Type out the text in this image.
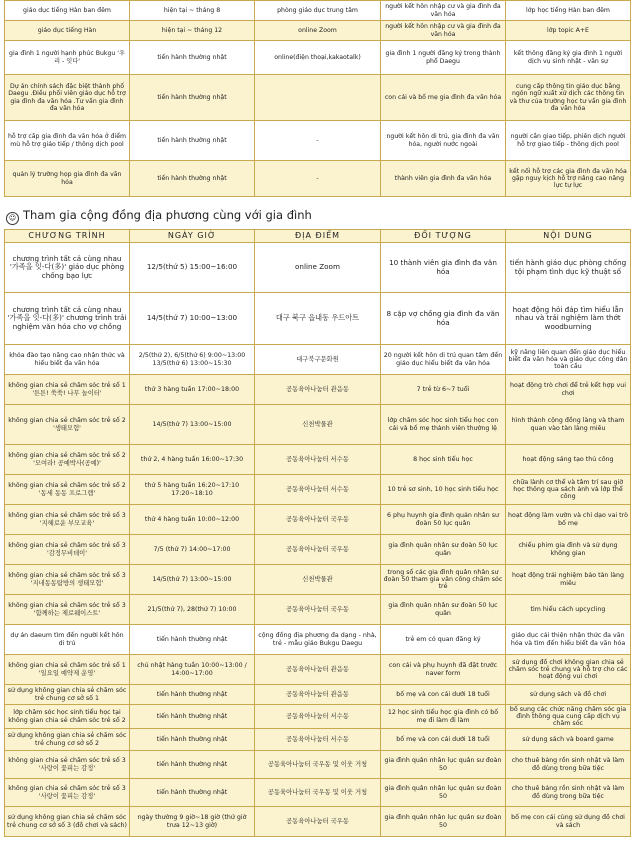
giáo dục tiếng Hàn ban đêm	hiện tại ~ tháng 8	phòng giáo dục trung tâm	người kết hôn nhập cư và gia đình đa văn hóa	lớp học tiếng Hàn ban đêm
giáo dục tiếng Hàn	hiện tại ~ tháng 12	online Zoom	người kết hôn nhập cư và gia đình đa văn hóa	lớp topic A+E
gia đình 1 người hạnh phúc Bukgu '우리 - 잇다'	tiến hành thường nhật	online(điện thoại,kakaotalk)	gia đình 1 người đăng ký trong thành phố Daegu	kết thông đăng ký gia đình 1 người dịch vụ sinh nhật - văn sự
Dự án chính sách đặc biệt thành phố Daegu .Điều phối viên giáo dục hỗ trợ gia đình đa văn hóa .Tư vấn gia đình đa văn hóa	tiến hành thường nhật		con cái và bố mẹ gia đình đa văn hóa	cung cấp thông tin giáo dục bằng ngôn ngữ xuất xứ dịch các thông tin và thư của trường học tư vấn gia đình đa văn hóa
hỗ trợ cấp gia đình đa văn hóa ở điểm mù hỗ trợ giáo tiếp / thông dịch pool	tiến hành thường nhật	-	người kết hôn di trú, gia đình đa văn hóa, người nước ngoài	người cần giao tiếp, phiên dịch người hỗ trợ giao tiếp - thông dịch pool
quản lý trường họp gia đình đa văn hóa	tiến hành thường nhật	-	thành viên gia đình đa văn hóa	kết nối hỗ trợ các gia đình đa văn hóa gặp nguy kịch hỗ trợ nâng cao năng lực tự lực
☺ Tham gia cộng đồng địa phương cùng với gia đình
CHƯƠNG TRÌNH	NGÀY GIỜ	ĐỊA ĐIỂM	ĐỐI TƯỢNG	NỘI DUNG
chương trình tất cả cùng nhau '가족을 잇-다(多)' giáo dục phòng chống bạo lực	12/5(thứ 5) 15:00~16:00	online Zoom	10 thành viên gia đình đa văn hóa	tiến hành giáo dục phòng chống tội phạm tình dục kỹ thuật số
chương trình tất cả cùng nhau '가족을 잇-다(多)' chương trình trải nghiệm văn hóa cho vợ chồng	14/5(thứ 7) 10:00~13:00	대구 북구 읍내동 우드아트	8 cặp vợ chồng gia đình đa văn hóa	hoạt động hỏi đáp tìm hiểu lẫn nhau và trải nghiệm làm thớt woodburning
khóa đào tạo năng cao nhận thức và hiểu biết đa văn hóa	2/5(thứ 2), 6/5(thứ 6) 9:00~13:00 13/5(thứ 6) 13:00~15:30	대구북구문화원	20 người kết hôn di trú quan tâm đến giáo dục hiểu biết đa văn hóa	kỹ năng liên quan đến giáo dục hiểu biết đa văn hóa và giáo dục công dân toàn cầu
không gian chia sẻ chăm sóc trẻ số 1 '튼튼! 쑥쑥! 나무 놀이터'	thứ 3 hàng tuần 17:00~18:00	공동육아나눔터 관음동	7 trẻ từ 6~7 tuổi	hoạt động trò chơi để trẻ kết hợp vui chơi
không gian chia sẻ chăm sóc trẻ số 2 '생태모험'	14/5(thứ 7) 13:00~15:00	신천박물관	lớp chăm sóc học sinh tiểu học con cái và bố mẹ thành viên thường lệ	hình thành cộng đồng làng và tham quan vào tàn làng miêu
không gian chia sẻ chăm sóc trẻ số 2 '모여라! 공예박사(공예)'	thứ 2, 4 hàng tuần 16:00~17:30	공동육아나눔터 서수동	8 học sinh tiểu học	hoạt động sáng tạo thủ công
không gian chia sẻ chăm sóc trẻ số 2 '동세 동동 프로그램'	thứ 5 hàng tuần 16:20~17:10 17:20~18:10	공동육아나눔터 서수동	10 trẻ sơ sinh, 10 học sinh tiểu học	chữa lành cơ thể và tâm trí sau giờ học thông qua sách ảnh và lớp thể công
không gian chia sẻ chăm sóc trẻ số 3 '지혜로운 부모교육'	thứ 4 hàng tuần 10:00~12:00	공동육아나눔터 국우동	6 phụ huynh gia đình quản nhân sư đoàn 50 lục quân	hoạt động làm vườn và chỉ dạo vai trò bố mẹ
không gian chia sẻ chăm sóc trẻ số 3 '감정무비데이'	7/5 (thứ 7) 14:00~17:00	공동육아나눔터 국우동	gia đình quân nhân sư đoàn 50 lục quân	chiếu phim gia đình và sử dụng không gian
không gian chia sẻ chăm sóc trẻ số 3 '지네동동탐방의 생태모험'	14/5(thứ 7) 13:00~15:00	신천박물관	trong số các gia đình quân nhân sư đoàn 50 tham gia vân công chăm sóc trẻ	hoạt động trải nghiệm bảo tàn làng miêu
không gian chia sẻ chăm sóc trẻ số 3 '함께하는 제로웨이스트'	21/5(thứ 7), 28(thứ 7) 10:00	공동육아나눔터 국우동	gia đình quân nhân sư đoàn 50 lục quân	tìm hiểu cách upcycling
dự án daeum tìm đến người kết hôn di trú	tiến hành thường nhật	cộng đồng địa phương đa dạng - nhà, trẻ - mẫu giáo Bukgu Daegu	trẻ em có quan đăng ký	giáo dục cải thiện nhận thức đa văn hóa và tìm đến hiểu biết đa văn hóa
không gian chia sẻ chăm sóc trẻ số 1 '일요일 예약제 운영'	chủ nhật hàng tuần 10:00~13:00 / 14:00~17:00	공동육아나눔터 관음동	con cái và phụ huynh đã đặt trước naver form	sử dụng đồ chơi không gian chia sẻ chăm sóc trẻ chung và hỗ trợ cho các hoạt động vui chơi
sử dụng không gian chia sẻ chăm sóc trẻ chung cơ sở số 1	tiến hành thường nhật	공동육아나눔터 관음동	bố mẹ và con cái dưới 18 tuổi	sử dụng sách và đồ chơi
lớp chăm sóc học sinh tiểu học tại không gian chia sẻ chăm sóc trẻ số 2	tiến hành thường nhật	공동육아나눔터 서수동	12 học sinh tiểu học gia đình có bố mẹ đi làm đi làm	bố sung các chức năng chăm sóc gia đình thông qua cung cấp dịch vụ chăm sóc
sử dụng không gian chia sẻ chăm sóc trẻ chung cơ sở số 2	tiến hành thường nhật	공동육아나눔터 서수동	bố mẹ và con cái dưới 18 tuổi	sử dụng sách và board game
không gian chia sẻ chăm sóc trẻ số 3 '사랑이 꽃피는 감정'	tiến hành thường nhật	공동육아나눔터 국우동 및 이웃 거청	gia đình quân nhân lục quân sư đoàn 50	cho thuê bảng rồn sinh nhật và làm đồ dùng trong bữa tiệc
không gian chia sẻ chăm sóc trẻ số 3 '사랑이 꽃피는 감정'	tiến hành thường nhật	공동육아나눔터 국우동 및 이웃 거청	gia đình quân nhân lục quân sư đoàn 50	cho thuê bảng rồn sinh nhật và làm đồ dùng trong bữa tiệc
sử dụng không gian chia sẻ chăm sóc trẻ chung cơ sở số 3 (đồ chơi và sách)	ngày thường 9 giờ~18 giờ (thứ giờ trưa 12~13 giờ)	공동육아나눔터 국우동	gia đình quân nhân lục quân sư đoàn 50	bố mẹ con cái cùng sử dụng đồ chơi và sách
